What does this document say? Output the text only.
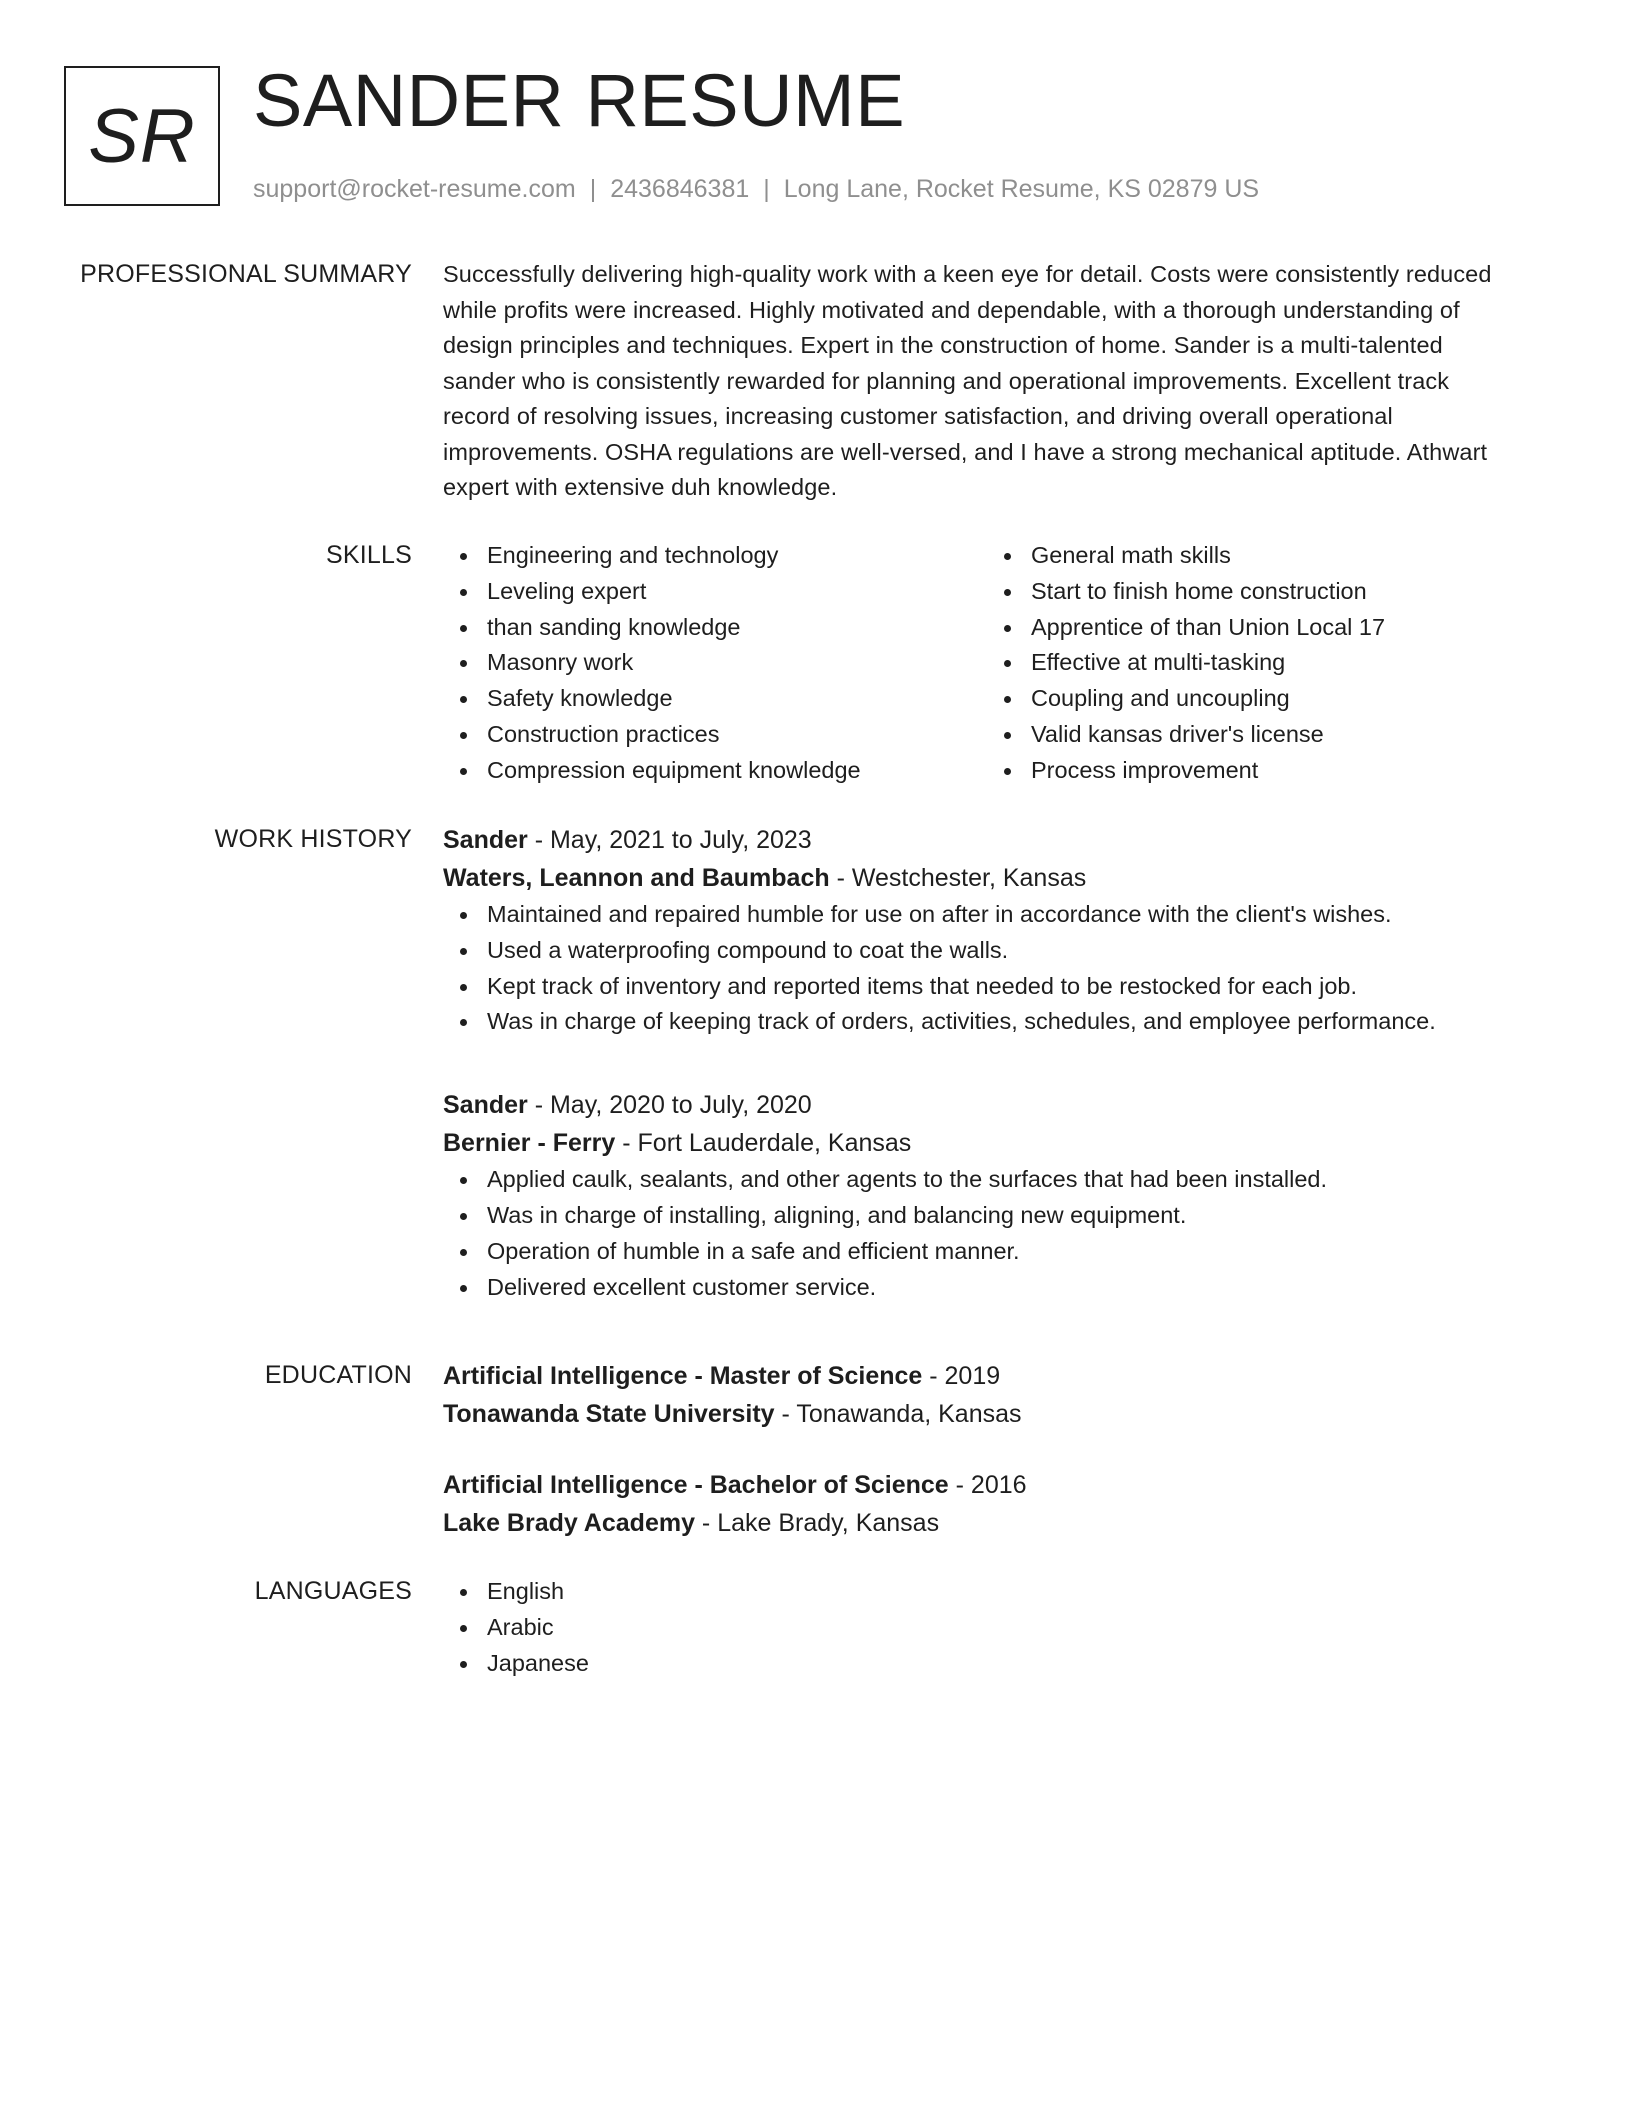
SR SANDER RESUME
support@rocket-resume.com | 2436846381 | Long Lane, Rocket Resume, KS 02879 US
PROFESSIONAL SUMMARY Successfully delivering high-quality work with a keen eye for detail. Costs were consistently reduced
while profits were increased. Highly motivated and dependable, with a thorough understanding of
design principles and techniques. Expert in the construction of home. Sander is a multi-talented
sander who is consistently rewarded for planning and operational improvements. Excellent track
record of resolving issues, increasing customer satisfaction, and driving overall operational
improvements. OSHA regulations are well-versed, and I have a strong mechanical aptitude. Athwart
expert with extensive duh knowledge.

SKILLS	Engineering and technology
Leveling expert
than sanding knowledge
Masonry work
Safety knowledge
Construction practices
Compression equipment knowledge
General math skills
Start to finish home construction
Apprentice of than Union Local 17
Effective at multi-tasking
Coupling and uncoupling
Valid kansas driver's license
Process improvement
WORK HISTORY Sander - May, 2021 to July, 2023
Waters, Leannon and Baumbach - Westchester, Kansas
Maintained and repaired humble for use on after in accordance with the client's wishes.
Used a waterproofing compound to coat the walls.
Kept track of inventory and reported items that needed to be restocked for each job.
Was in charge of keeping track of orders, activities, schedules, and employee performance.
Sander - May, 2020 to July, 2020
Bernier - Ferry - Fort Lauderdale, Kansas
Applied caulk, sealants, and other agents to the surfaces that had been installed.
Was in charge of installing, aligning, and balancing new equipment.
Operation of humble in a safe and efficient manner.
Delivered excellent customer service.
EDUCATION Artificial Intelligence - Master of Science - 2019
Tonawanda State University - Tonawanda, Kansas
Artificial Intelligence - Bachelor of Science - 2016
Lake Brady Academy - Lake Brady, Kansas
LANGUAGES	English
Arabic
Japanese
